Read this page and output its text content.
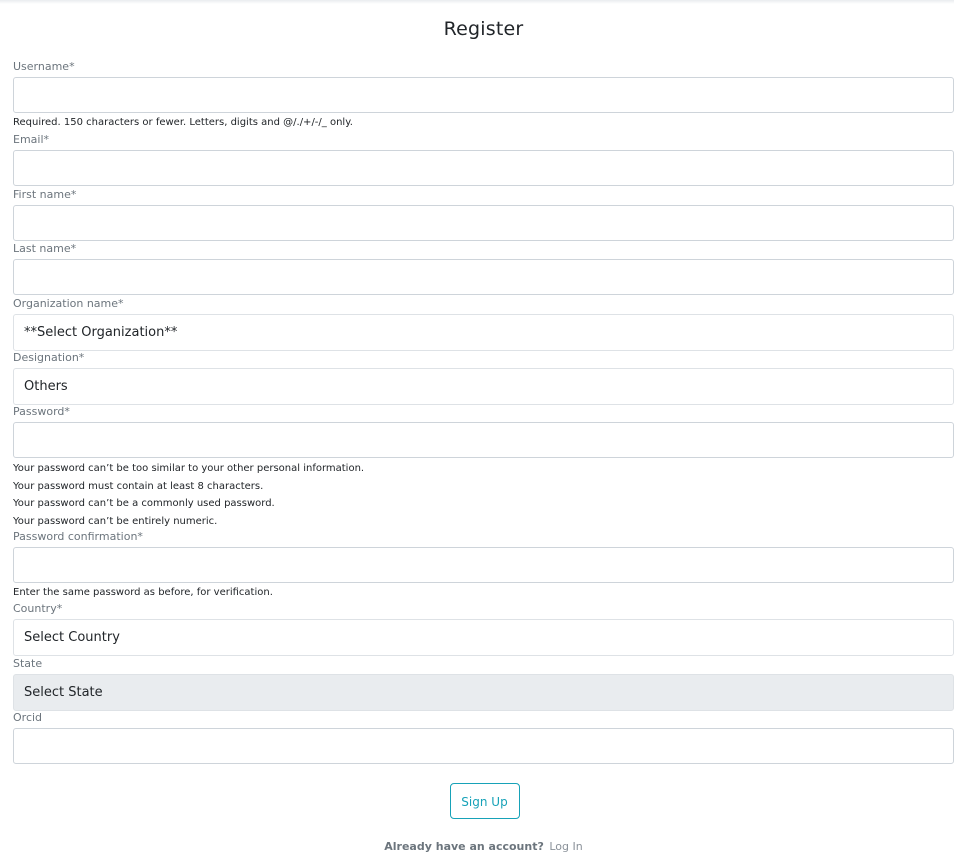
Register
Username*
Required. 150 characters or fewer. Letters, digits and @/./+/-/_ only.
Email*
First name*
Last name*
Organization name*
**Select Organization**
Designation*
Others
Password*
Your password can’t be too similar to your other personal information.
Your password must contain at least 8 characters.
Your password can’t be a commonly used password.
Your password can’t be entirely numeric.
Password confirmation*
Enter the same password as before, for verification.
Country*
Select Country
State
Select State
Orcid
Sign Up
Already have an account? Log In
